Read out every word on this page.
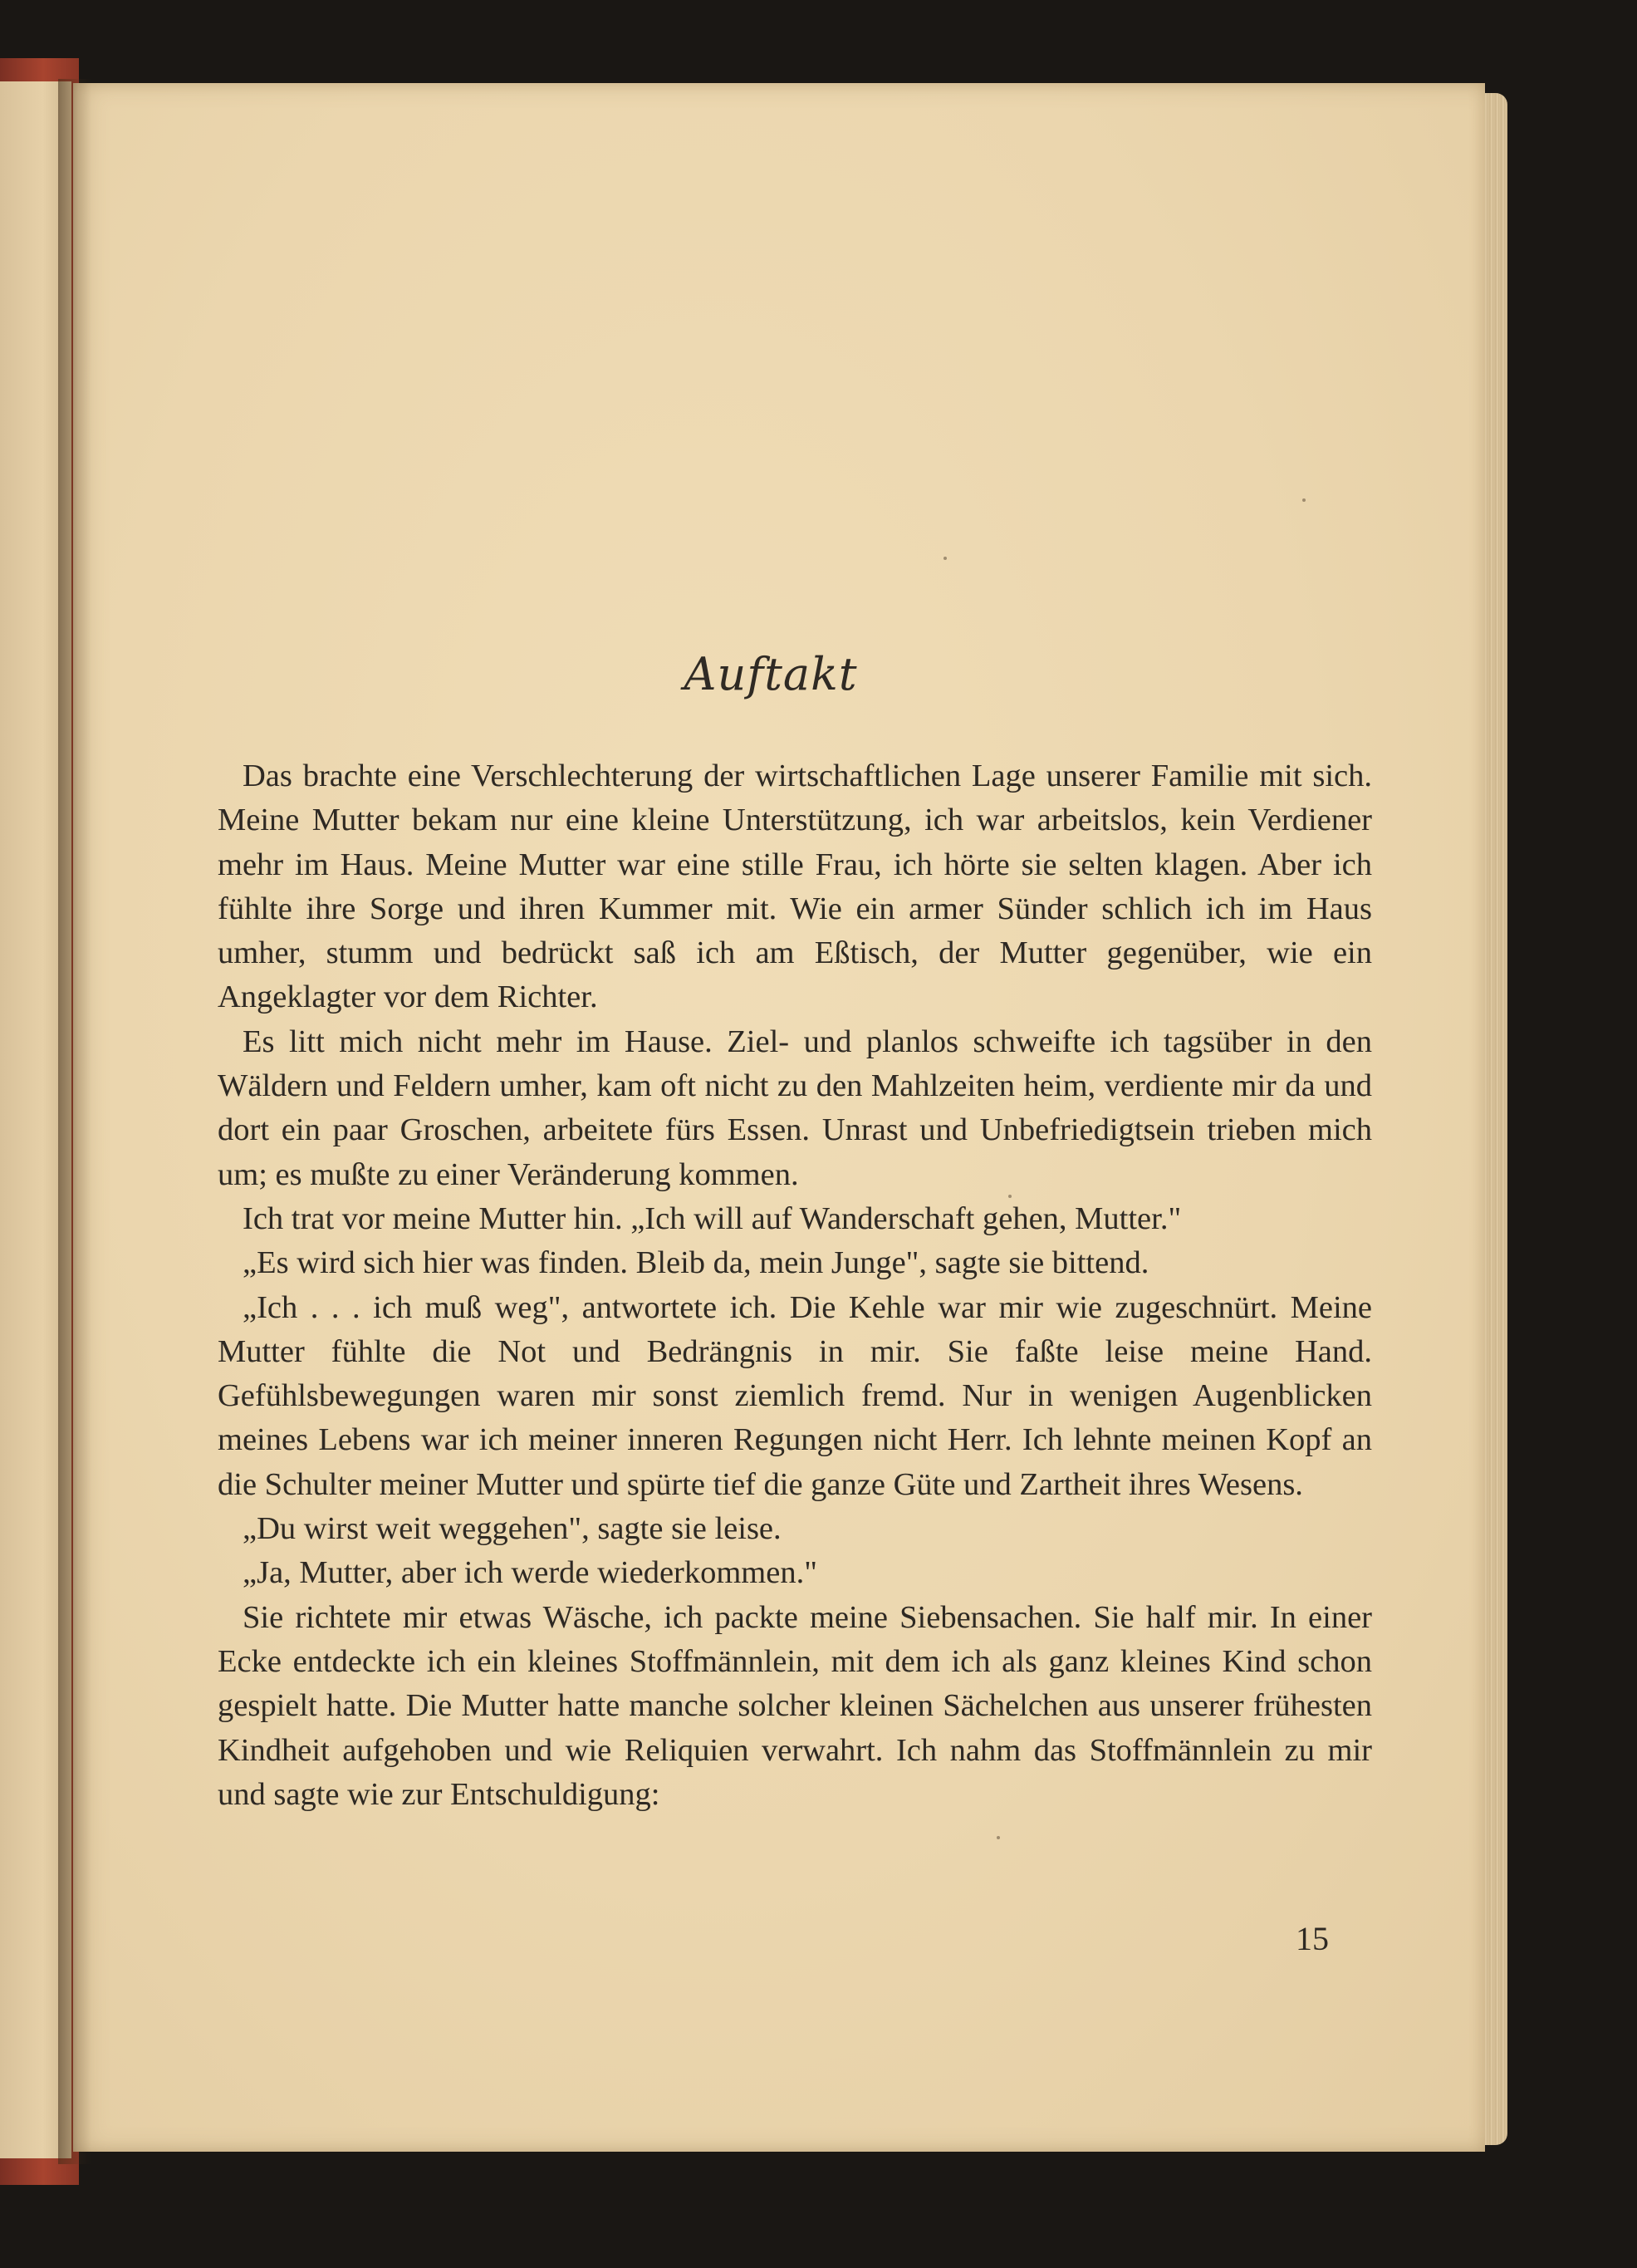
Auftakt

Das brachte eine Verschlechterung der wirtschaftlichen Lage unserer Familie mit sich. Meine Mutter bekam nur eine kleine Unterstützung, ich war arbeitslos, kein Verdiener mehr im Haus. Meine Mutter war eine stille Frau, ich hörte sie selten klagen. Aber ich fühlte ihre Sorge und ihren Kummer mit. Wie ein armer Sünder schlich ich im Haus umher, stumm und bedrückt saß ich am Eßtisch, der Mutter gegenüber, wie ein Angeklagter vor dem Richter.

Es litt mich nicht mehr im Hause. Ziel- und planlos schweifte ich tagsüber in den Wäldern und Feldern umher, kam oft nicht zu den Mahlzeiten heim, verdiente mir da und dort ein paar Groschen, arbeitete fürs Essen. Unrast und Unbefriedigtsein trieben mich um; es mußte zu einer Veränderung kommen.

Ich trat vor meine Mutter hin. „Ich will auf Wanderschaft gehen, Mutter."

„Es wird sich hier was finden. Bleib da, mein Junge", sagte sie bittend.

„Ich . . . ich muß weg", antwortete ich. Die Kehle war mir wie zugeschnürt. Meine Mutter fühlte die Not und Bedrängnis in mir. Sie faßte leise meine Hand. Gefühlsbewegungen waren mir sonst ziemlich fremd. Nur in wenigen Augenblicken meines Lebens war ich meiner inneren Regungen nicht Herr. Ich lehnte meinen Kopf an die Schulter meiner Mutter und spürte tief die ganze Güte und Zartheit ihres Wesens.

„Du wirst weit weggehen", sagte sie leise.

„Ja, Mutter, aber ich werde wiederkommen."

Sie richtete mir etwas Wäsche, ich packte meine Siebensachen. Sie half mir. In einer Ecke entdeckte ich ein kleines Stoffmännlein, mit dem ich als ganz kleines Kind schon gespielt hatte. Die Mutter hatte manche solcher kleinen Sächelchen aus unserer frühesten Kindheit aufgehoben und wie Reliquien verwahrt. Ich nahm das Stoffmännlein zu mir und sagte wie zur Entschuldigung:

15
